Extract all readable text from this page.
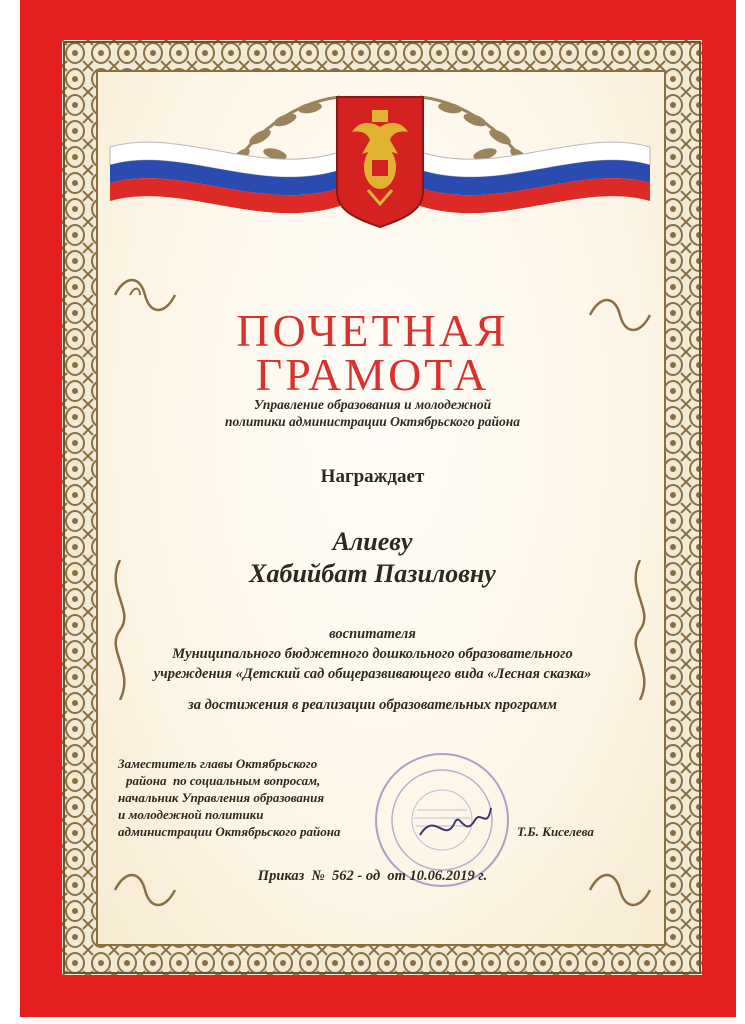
ПОЧЕТНАЯ

ГРАМОТА

Управление образования и молодежной

политики администрации Октябрьского района

Награждает

Алиеву

Хабийбат Пазиловну

воспитателя

Муниципального бюджетного дошкольного образовательного

учреждения «Детский сад общеразвивающего вида «Лесная сказка»

за достижения в реализации образовательных программ

Заместитель главы Октябрьского

района  по социальным вопросам,

начальник Управления образования

и молодежной политики

администрации Октябрьского района	Т.Б. Киселева

Приказ  №  562 - од  от 10.06.2019 г.
